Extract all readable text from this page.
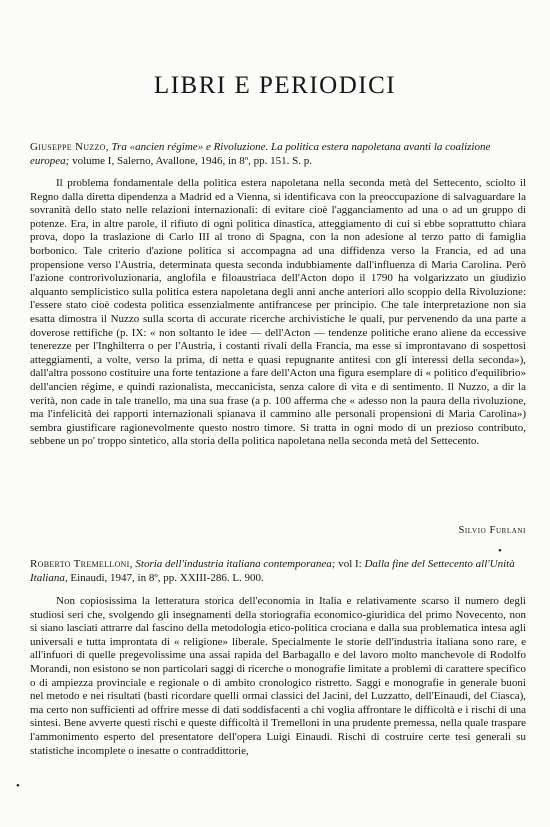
LIBRI E PERIODICI
Giuseppe Nuzzo, Tra «ancien régime» e Rivoluzione. La politica estera napoletana avanti la coalizione europea; volume I, Salerno, Avallone, 1946, in 8º, pp. 151. S. p.

Il problema fondamentale della politica estera napoletana nella seconda metà del Settecento, sciolto il Regno dalla diretta dipendenza a Madrid ed a Vienna, si identificava con la preoccupazione di salvaguardare la sovranità dello stato nelle relazioni internazionali: di evitare cioè l'agganciamento ad una o ad un gruppo di potenze. Era, in altre parole, il rifiuto di ogni politica dinastica, atteggiamento di cui si ebbe soprattutto chiara prova, dopo la traslazione di Carlo III al trono di Spagna, con la non adesione al terzo patto di famiglia borbonico. Tale criterio d'azione politica si accompagna ad una diffidenza verso la Francia, ed ad una propensione verso l'Austria, determinata questa seconda indubbiamente dall'influenza di Maria Carolina. Però l'azione controrivoluzionaria, anglofila e filoaustriaca dell'Acton dopo il 1790 ha volgarizzato un giudizio alquanto semplicistico sulla politica estera napoletana degli anni anche anteriori allo scoppio della Rivoluzione: l'essere stato cioè codesta politica essenzialmente antifrancese per principio. Che tale interpretazione non sia esatta dimostra il Nuzzo sulla scorta di accurate ricerche archivistiche le quali, pur pervenendo da una parte a doverose rettifiche (p. IX: « non soltanto le idee — dell'Acton — tendenze politiche erano aliene da eccessive tenerezze per l'Inghilterra o per l'Austria, i costanti rivali della Francia, ma esse si improntavano di sospettosi atteggiamenti, a volte, verso la prima, di netta e quasi repugnante antitesi con gli interessi della seconda»), dall'altra possono costituire una forte tentazione a fare dell'Acton una figura esemplare di « politico d'equilibrio» dell'ancien régime, e quindi razionalista, meccanicista, senza calore di vita e di sentimento. Il Nuzzo, a dir la verità, non cade in tale tranello, ma una sua frase (a p. 100 afferma che « adesso non la paura della rivoluzione, ma l'infelicità dei rapporti internazionali spianava il cammino alle personali propensioni di Maria Carolina») sembra giustificare ragionevolmente questo nostro timore. Si tratta in ogni modo di un prezioso contributo, sebbene un po' troppo sintetico, alla storia della politica napoletana nella seconda metà del Settecento.

Silvio Furlani
•
Roberto Tremelloni, Storia dell'industria italiana contemporanea; vol I: Dalla fine del Settecento all'Unità Italiana, Einaudi, 1947, in 8º, pp. XXIII-286. L. 900.

Non copiosissima la letteratura storica dell'economia in Italia e relativamente scarso il numero degli studiosi seri che, svolgendo gli insegnamenti della storiografia economico-giuridica del primo Novecento, non si siano lasciati attrarre dal fascino della metodologia etico-politica crociana e dalla sua problematica intesa agli universali e tutta improntata di « religione» liberale. Specialmente le storie dell'industria italiana sono rare, e all'infuori di quelle pregevolissime una assai rapida del Barbagallo e del lavoro molto manchevole di Rodolfo Morandi, non esistono se non particolari saggi di ricerche o monografie limitate a problemi di carattere specifico o di ampiezza provinciale e regionale o di ambito cronologico ristretto. Saggi e monografie in generale buoni nel metodo e nei risultati (basti ricordare quelli ormai classici del Jacini, del Luzzatto, dell'Einaudi, del Ciasca), ma certo non sufficienti ad offrire messe di dati soddisfacenti a chi voglia affrontare le difficoltà e i rischi di una sintesi. Bene avverte questi rischi e queste difficoltà il Tremelloni in una prudente premessa, nella quale traspare l'ammonimento esperto del presentatore dell'opera Luigi Einaudi. Rischi di costruire certe tesi generali su statistiche incomplete o inesatte o contraddittorie,

•
